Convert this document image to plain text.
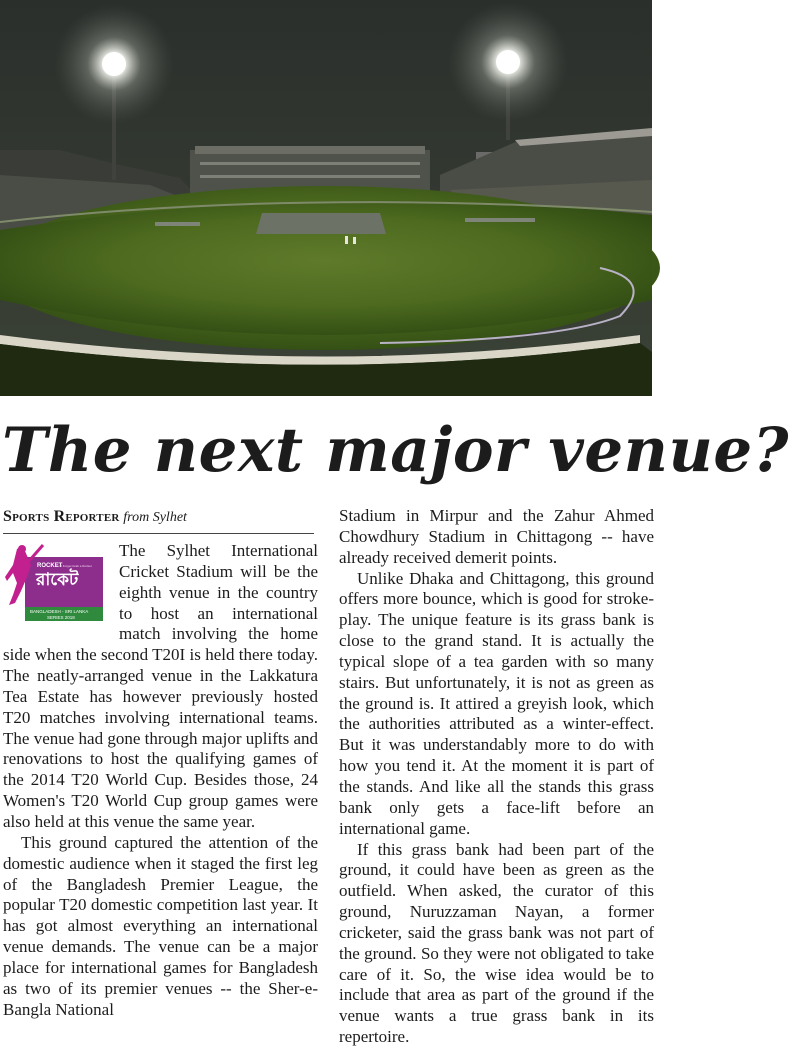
The next major venue?
Sports Reporter from Sylhet
ROCKET
রাকেট
Don't Forget Grab a Rocket
BANGLADESH - SRI LANKA
SERIES 2018

The Sylhet International Cricket Stadium will be the eighth venue in the country to host an international match involving the home side when the second T20I is held there today. The neatly-arranged venue in the Lakkatura Tea Estate has however previously hosted T20 matches involving international teams. The venue had gone through major uplifts and renovations to host the qualifying games of the 2014 T20 World Cup. Besides those, 24 Women's T20 World Cup group games were also held at this venue the same year.

This ground captured the attention of the domestic audience when it staged the first leg of the Bangladesh Premier League, the popular T20 domestic competition last year. It has got almost everything an international venue demands. The venue can be a major place for international games for Bangladesh as two of its premier venues -- the Sher-e-Bangla National

Stadium in Mirpur and the Zahur Ahmed Chowdhury Stadium in Chittagong -- have already received demerit points.

Unlike Dhaka and Chittagong, this ground offers more bounce, which is good for stroke-play. The unique feature is its grass bank is close to the grand stand. It is actually the typical slope of a tea garden with so many stairs. But unfortunately, it is not as green as the ground is. It attired a greyish look, which the authorities attributed as a winter-effect. But it was understandably more to do with how you tend it. At the moment it is part of the stands. And like all the stands this grass bank only gets a face-lift before an international game.

If this grass bank had been part of the ground, it could have been as green as the outfield. When asked, the curator of this ground, Nuruzzaman Nayan, a former cricketer, said the grass bank was not part of the ground. So they were not obligated to take care of it. So, the wise idea would be to include that area as part of the ground if the venue wants a true grass bank in its repertoire.
